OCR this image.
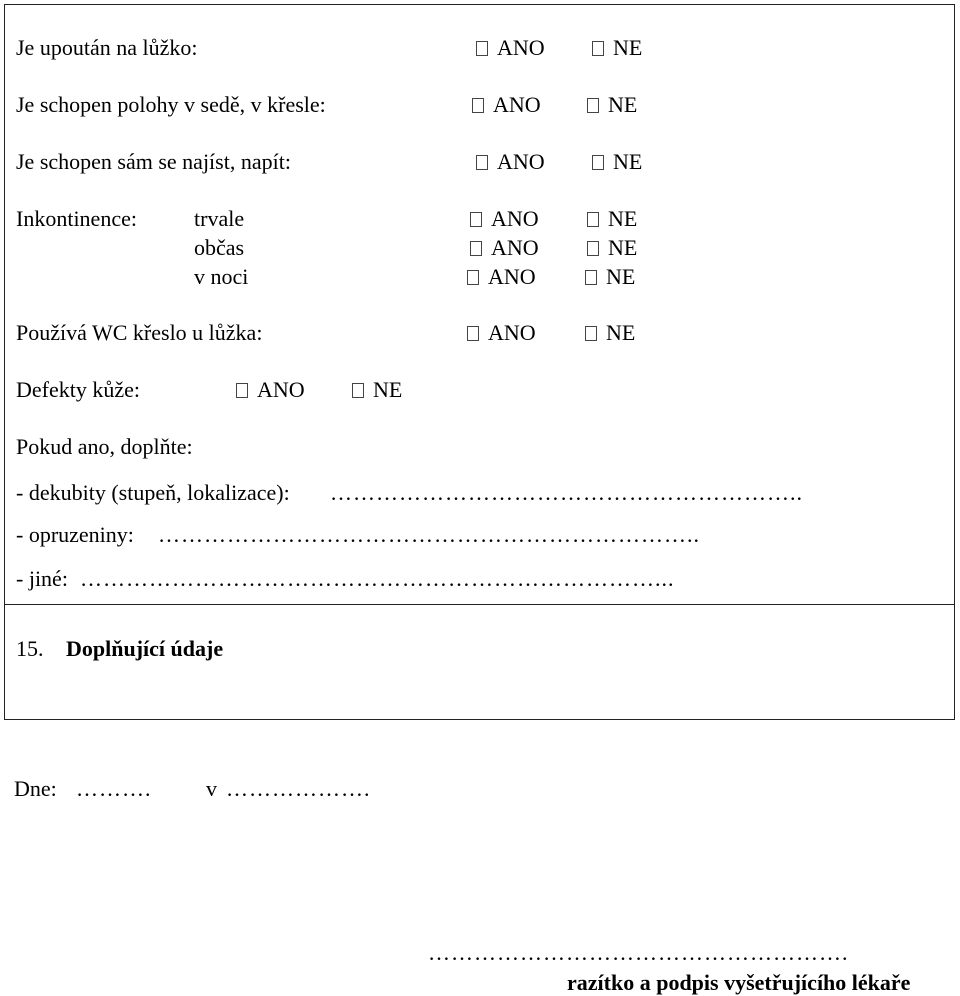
Je upoután na lůžko:	ANO	NE
Je schopen polohy v sedě, v křesle:	ANO	NE
Je schopen sám se najíst, napít:	ANO	NE
Inkontinence:	trvale	ANO	NE
občas	ANO	NE
v noci	ANO	NE
Používá WC křeslo u lůžka:	ANO	NE
Defekty kůže:	ANO	NE
Pokud ano, doplňte:
- dekubity (stupeň, lokalizace): ……………………………………………………..
- opruzeniny: ……………………………………………………………..
- jiné: …………………………………………………………………...
15. Doplňující údaje
Dne: ………. v ……………….
……………………………………………….
razítko a podpis vyšetřujícího lékaře
